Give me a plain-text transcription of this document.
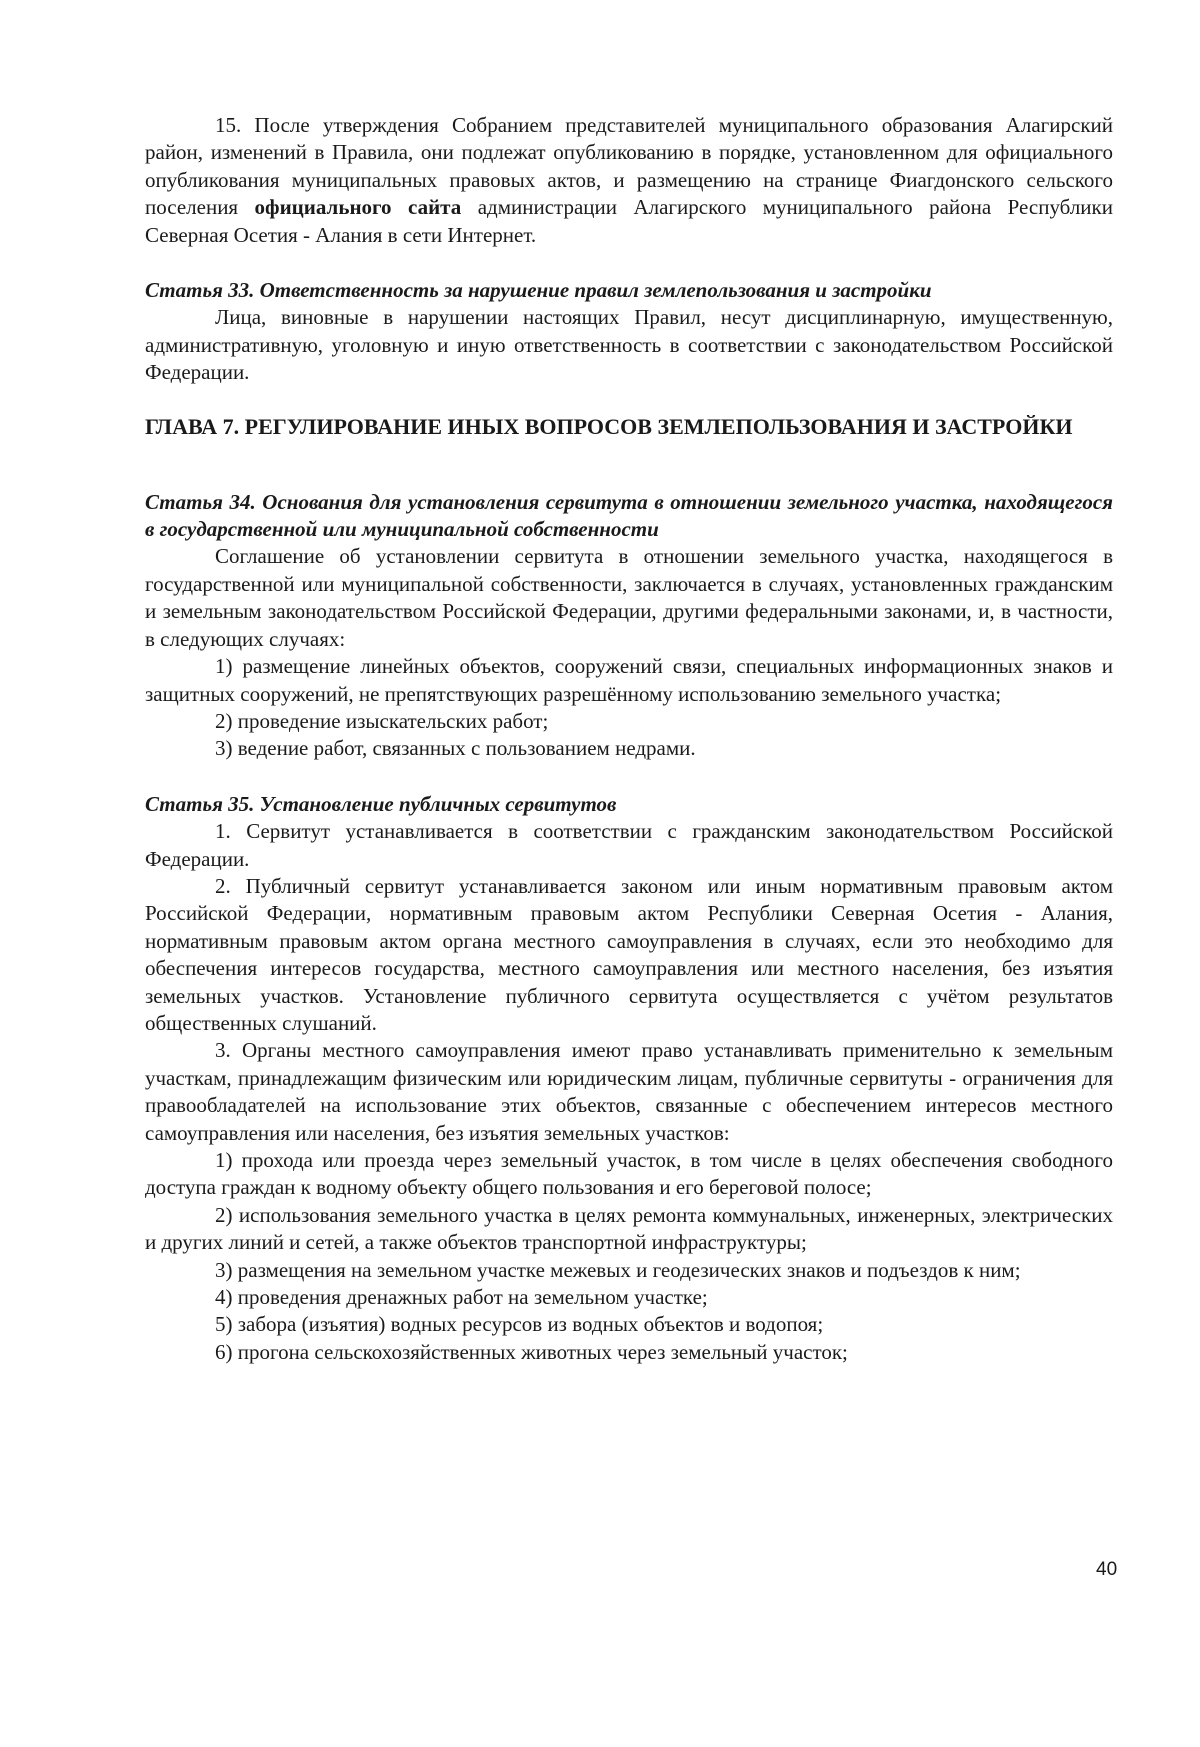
15. После утверждения Собранием представителей муниципального образования Алагирский район, изменений в Правила, они подлежат опубликованию в порядке, установленном для официального опубликования муниципальных правовых актов, и размещению на странице Фиагдонского сельского поселения официального сайта администрации Алагирского муниципального района Республики Северная Осетия - Алания в сети Интернет.

Статья 33. Ответственность за нарушение правил землепользования и застройки

Лица, виновные в нарушении настоящих Правил, несут дисциплинарную, имущественную, административную, уголовную и иную ответственность в соответствии с законодательством Российской Федерации.

ГЛАВА 7. РЕГУЛИРОВАНИЕ ИНЫХ ВОПРОСОВ ЗЕМЛЕПОЛЬЗОВАНИЯ И ЗАСТРОЙКИ

Статья 34. Основания для установления сервитута в отношении земельного участка, находящегося в государственной или муниципальной собственности

Соглашение об установлении сервитута в отношении земельного участка, находящегося в государственной или муниципальной собственности, заключается в случаях, установленных гражданским и земельным законодательством Российской Федерации, другими федеральными законами, и, в частности, в следующих случаях:

1) размещение линейных объектов, сооружений связи, специальных информационных знаков и защитных сооружений, не препятствующих разрешённому использованию земельного участка;

2) проведение изыскательских работ;

3) ведение работ, связанных с пользованием недрами.

Статья 35. Установление публичных сервитутов

1. Сервитут устанавливается в соответствии с гражданским законодательством Российской Федерации.

2. Публичный сервитут устанавливается законом или иным нормативным правовым актом Российской Федерации, нормативным правовым актом Республики Северная Осетия - Алания, нормативным правовым актом органа местного самоуправления в случаях, если это необходимо для обеспечения интересов государства, местного самоуправления или местного населения, без изъятия земельных участков. Установление публичного сервитута осуществляется с учётом результатов общественных слушаний.

3. Органы местного самоуправления имеют право устанавливать применительно к земельным участкам, принадлежащим физическим или юридическим лицам, публичные сервитуты - ограничения для правообладателей на использование этих объектов, связанные с обеспечением интересов местного самоуправления или населения, без изъятия земельных участков:

1) прохода или проезда через земельный участок, в том числе в целях обеспечения свободного доступа граждан к водному объекту общего пользования и его береговой полосе;

2) использования земельного участка в целях ремонта коммунальных, инженерных, электрических и других линий и сетей, а также объектов транспортной инфраструктуры;

3) размещения на земельном участке межевых и геодезических знаков и подъездов к ним;

4) проведения дренажных работ на земельном участке;

5) забора (изъятия) водных ресурсов из водных объектов и водопоя;

6) прогона сельскохозяйственных животных через земельный участок;

40
